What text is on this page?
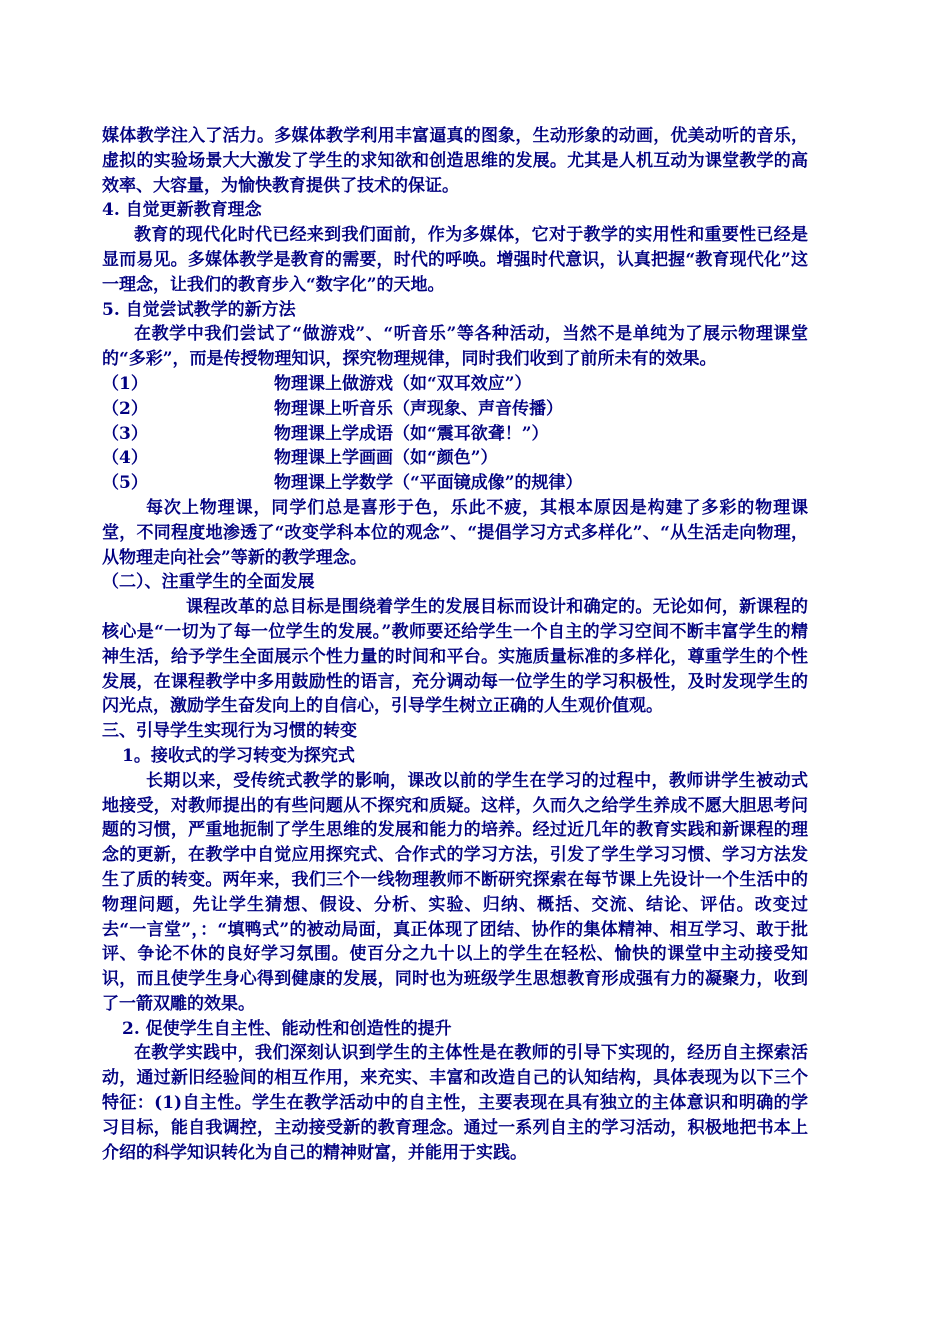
媒体教学注入了活力。多媒体教学利用丰富逼真的图象，生动形象的动画，优美动听的音乐，虚拟的实验场景大大激发了学生的求知欲和创造思维的发展。尤其是人机互动为课堂教学的高效率、大容量，为愉快教育提供了技术的保证。

4. 自觉更新教育理念

教育的现代化时代已经来到我们面前，作为多媒体，它对于教学的实用性和重要性已经是显而易见。多媒体教学是教育的需要，时代的呼唤。增强时代意识，认真把握“教育现代化”这一理念，让我们的教育步入“数字化”的天地。

5. 自觉尝试教学的新方法

在教学中我们尝试了“做游戏”、“听音乐”等各种活动，当然不是单纯为了展示物理课堂的“多彩”，而是传授物理知识，探究物理规律，同时我们收到了前所未有的效果。

（1）	物理课上做游戏（如“双耳效应”）
（2）	物理课上听音乐（声现象、声音传播）
（3）	物理课上学成语（如“震耳欲聋！”）
（4）	物理课上学画画（如“颜色”）
（5）	物理课上学数学（“平面镜成像”的规律）

每次上物理课，同学们总是喜形于色，乐此不疲，其根本原因是构建了多彩的物理课堂，不同程度地渗透了“改变学科本位的观念”、“提倡学习方式多样化”、“从生活走向物理，从物理走向社会”等新的教学理念。

（二）、注重学生的全面发展

课程改革的总目标是围绕着学生的发展目标而设计和确定的。无论如何，新课程的核心是“一切为了每一位学生的发展。”教师要还给学生一个自主的学习空间不断丰富学生的精神生活，给予学生全面展示个性力量的时间和平台。实施质量标准的多样化，尊重学生的个性发展，在课程教学中多用鼓励性的语言，充分调动每一位学生的学习积极性，及时发现学生的闪光点，激励学生奋发向上的自信心，引导学生树立正确的人生观价值观。

三、引导学生实现行为习惯的转变

1。接收式的学习转变为探究式

长期以来，受传统式教学的影响，课改以前的学生在学习的过程中，教师讲学生被动式地接受，对教师提出的有些问题从不探究和质疑。这样，久而久之给学生养成不愿大胆思考问题的习惯，严重地扼制了学生思维的发展和能力的培养。经过近几年的教育实践和新课程的理念的更新，在教学中自觉应用探究式、合作式的学习方法，引发了学生学习习惯、学习方法发生了质的转变。两年来，我们三个一线物理教师不断研究探索在每节课上先设计一个生活中的物理问题，先让学生猜想、假设、分析、实验、归纳、概括、交流、结论、评估。改变过去“一言堂”，：“填鸭式”的被动局面，真正体现了团结、协作的集体精神、相互学习、敢于批评、争论不休的良好学习氛围。使百分之九十以上的学生在轻松、愉快的课堂中主动接受知识，而且使学生身心得到健康的发展，同时也为班级学生思想教育形成强有力的凝聚力，收到了一箭双雕的效果。

2. 促使学生自主性、能动性和创造性的提升

在教学实践中，我们深刻认识到学生的主体性是在教师的引导下实现的，经历自主探索活动，通过新旧经验间的相互作用，来充实、丰富和改造自己的认知结构，具体表现为以下三个特征：(1)自主性。学生在教学活动中的自主性，主要表现在具有独立的主体意识和明确的学习目标，能自我调控，主动接受新的教育理念。通过一系列自主的学习活动，积极地把书本上介绍的科学知识转化为自己的精神财富，并能用于实践。
